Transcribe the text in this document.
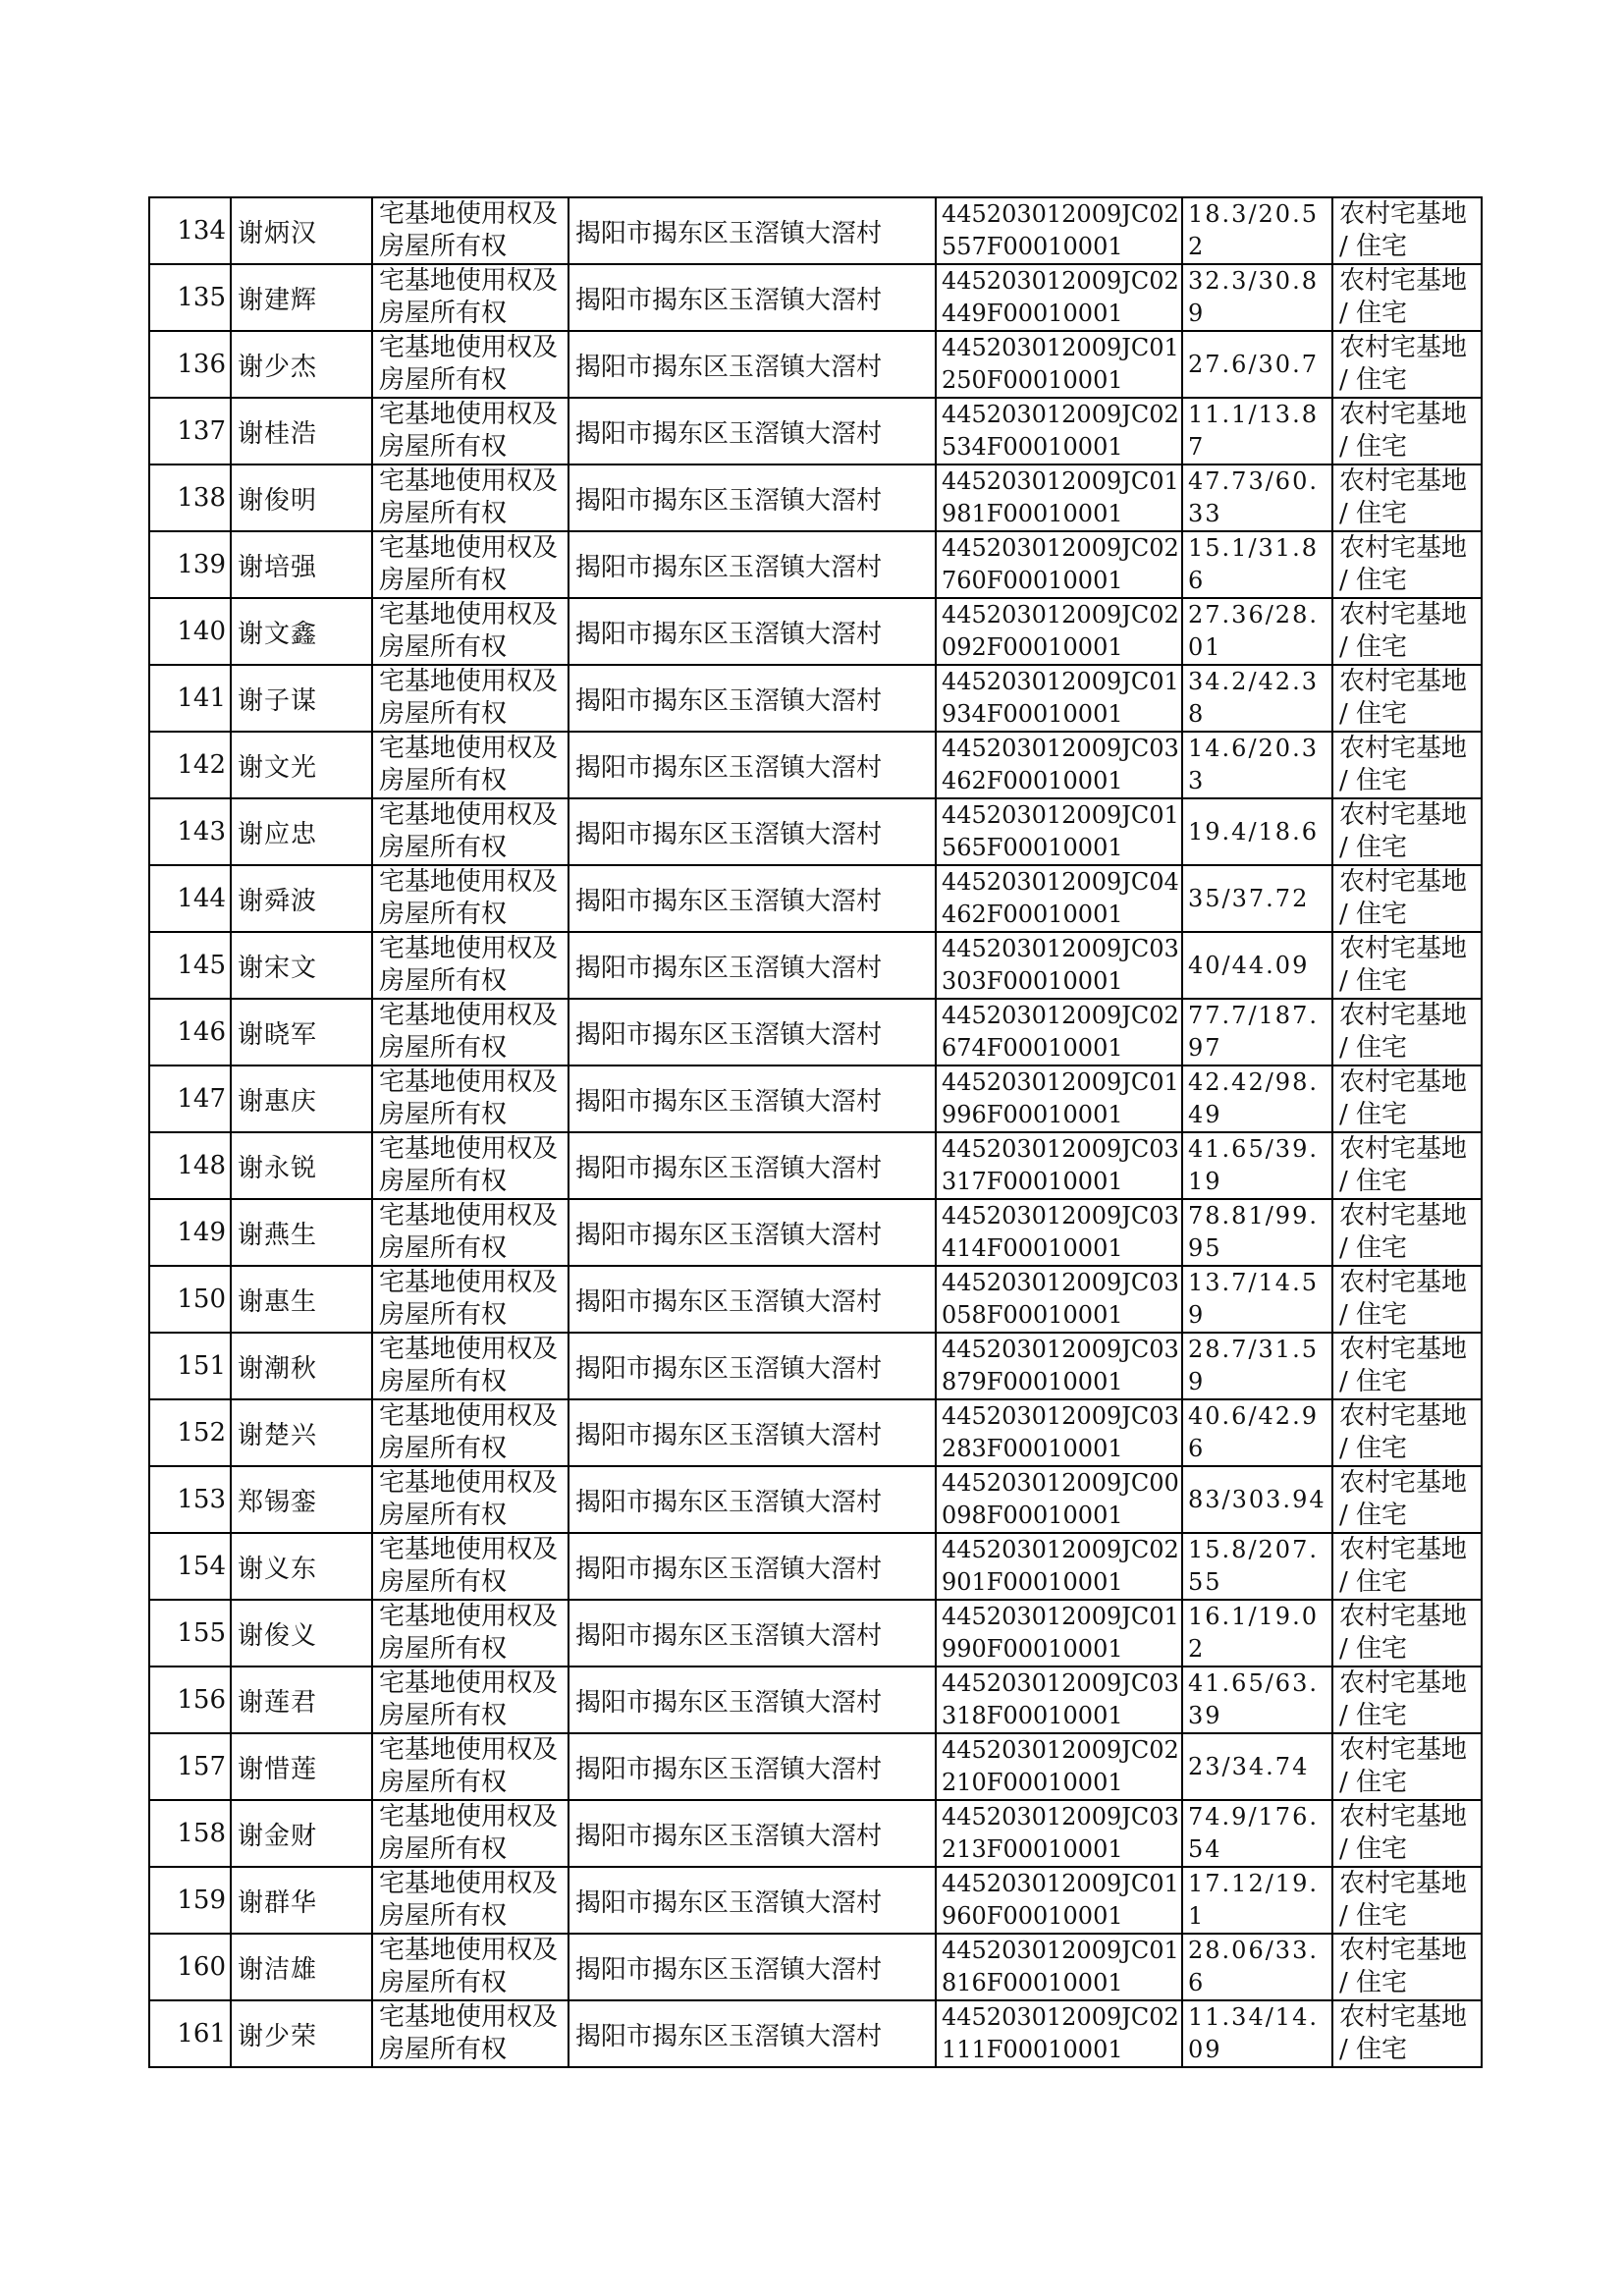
134	谢炳汉	宅基地使用权及房屋所有权	揭阳市揭东区玉滘镇大滘村	445203012009JC02557F00010001	18.3/20.52	农村宅基地 / 住宅
135	谢建辉	宅基地使用权及房屋所有权	揭阳市揭东区玉滘镇大滘村	445203012009JC02449F00010001	32.3/30.89	农村宅基地 / 住宅
136	谢少杰	宅基地使用权及房屋所有权	揭阳市揭东区玉滘镇大滘村	445203012009JC01250F00010001	27.6/30.7	农村宅基地 / 住宅
137	谢桂浩	宅基地使用权及房屋所有权	揭阳市揭东区玉滘镇大滘村	445203012009JC02534F00010001	11.1/13.87	农村宅基地 / 住宅
138	谢俊明	宅基地使用权及房屋所有权	揭阳市揭东区玉滘镇大滘村	445203012009JC01981F00010001	47.73/60.33	农村宅基地 / 住宅
139	谢培强	宅基地使用权及房屋所有权	揭阳市揭东区玉滘镇大滘村	445203012009JC02760F00010001	15.1/31.86	农村宅基地 / 住宅
140	谢文鑫	宅基地使用权及房屋所有权	揭阳市揭东区玉滘镇大滘村	445203012009JC02092F00010001	27.36/28.01	农村宅基地 / 住宅
141	谢子谋	宅基地使用权及房屋所有权	揭阳市揭东区玉滘镇大滘村	445203012009JC01934F00010001	34.2/42.38	农村宅基地 / 住宅
142	谢文光	宅基地使用权及房屋所有权	揭阳市揭东区玉滘镇大滘村	445203012009JC03462F00010001	14.6/20.33	农村宅基地 / 住宅
143	谢应忠	宅基地使用权及房屋所有权	揭阳市揭东区玉滘镇大滘村	445203012009JC01565F00010001	19.4/18.6	农村宅基地 / 住宅
144	谢舜波	宅基地使用权及房屋所有权	揭阳市揭东区玉滘镇大滘村	445203012009JC04462F00010001	35/37.72	农村宅基地 / 住宅
145	谢宋文	宅基地使用权及房屋所有权	揭阳市揭东区玉滘镇大滘村	445203012009JC03303F00010001	40/44.09	农村宅基地 / 住宅
146	谢晓军	宅基地使用权及房屋所有权	揭阳市揭东区玉滘镇大滘村	445203012009JC02674F00010001	77.7/187.97	农村宅基地 / 住宅
147	谢惠庆	宅基地使用权及房屋所有权	揭阳市揭东区玉滘镇大滘村	445203012009JC01996F00010001	42.42/98.49	农村宅基地 / 住宅
148	谢永锐	宅基地使用权及房屋所有权	揭阳市揭东区玉滘镇大滘村	445203012009JC03317F00010001	41.65/39.19	农村宅基地 / 住宅
149	谢燕生	宅基地使用权及房屋所有权	揭阳市揭东区玉滘镇大滘村	445203012009JC03414F00010001	78.81/99.95	农村宅基地 / 住宅
150	谢惠生	宅基地使用权及房屋所有权	揭阳市揭东区玉滘镇大滘村	445203012009JC03058F00010001	13.7/14.59	农村宅基地 / 住宅
151	谢潮秋	宅基地使用权及房屋所有权	揭阳市揭东区玉滘镇大滘村	445203012009JC03879F00010001	28.7/31.59	农村宅基地 / 住宅
152	谢楚兴	宅基地使用权及房屋所有权	揭阳市揭东区玉滘镇大滘村	445203012009JC03283F00010001	40.6/42.96	农村宅基地 / 住宅
153	郑锡銮	宅基地使用权及房屋所有权	揭阳市揭东区玉滘镇大滘村	445203012009JC00098F00010001	83/303.94	农村宅基地 / 住宅
154	谢义东	宅基地使用权及房屋所有权	揭阳市揭东区玉滘镇大滘村	445203012009JC02901F00010001	15.8/207.55	农村宅基地 / 住宅
155	谢俊义	宅基地使用权及房屋所有权	揭阳市揭东区玉滘镇大滘村	445203012009JC01990F00010001	16.1/19.02	农村宅基地 / 住宅
156	谢莲君	宅基地使用权及房屋所有权	揭阳市揭东区玉滘镇大滘村	445203012009JC03318F00010001	41.65/63.39	农村宅基地 / 住宅
157	谢惜莲	宅基地使用权及房屋所有权	揭阳市揭东区玉滘镇大滘村	445203012009JC02210F00010001	23/34.74	农村宅基地 / 住宅
158	谢金财	宅基地使用权及房屋所有权	揭阳市揭东区玉滘镇大滘村	445203012009JC03213F00010001	74.9/176.54	农村宅基地 / 住宅
159	谢群华	宅基地使用权及房屋所有权	揭阳市揭东区玉滘镇大滘村	445203012009JC01960F00010001	17.12/19.1	农村宅基地 / 住宅
160	谢洁雄	宅基地使用权及房屋所有权	揭阳市揭东区玉滘镇大滘村	445203012009JC01816F00010001	28.06/33.6	农村宅基地 / 住宅
161	谢少荣	宅基地使用权及房屋所有权	揭阳市揭东区玉滘镇大滘村	445203012009JC02111F00010001	11.34/14.09	农村宅基地 / 住宅
